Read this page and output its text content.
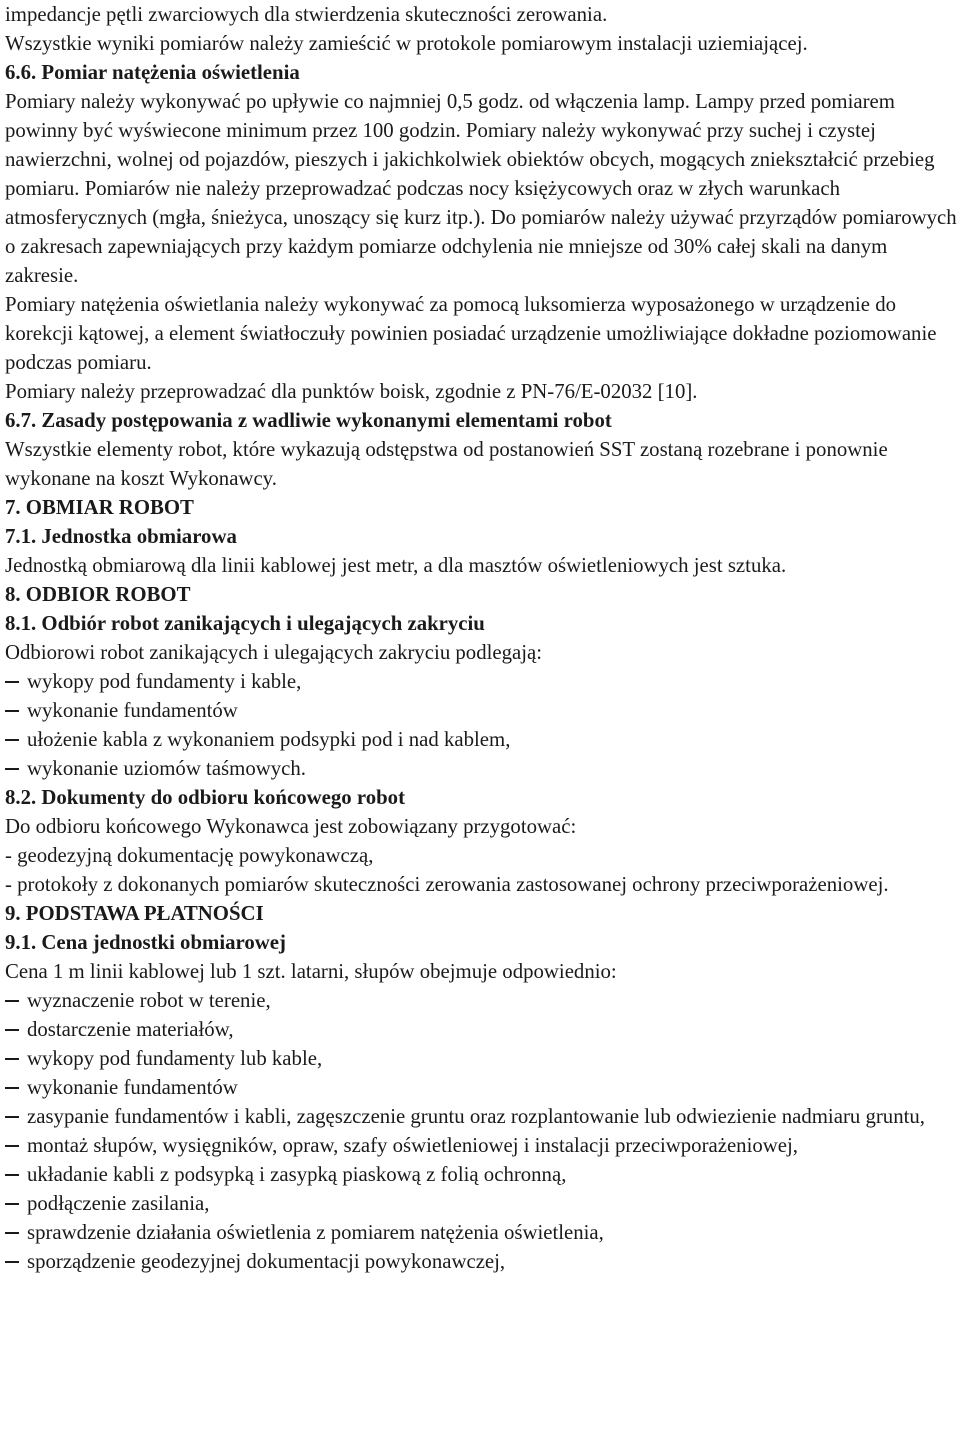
impedancje pętli zwarciowych dla stwierdzenia skuteczności zerowania.

Wszystkie wyniki pomiarów należy zamieścić w protokole pomiarowym instalacji uziemiającej.

6.6. Pomiar natężenia oświetlenia

Pomiary należy wykonywać po upływie co najmniej 0,5 godz. od włączenia lamp. Lampy przed pomiarem powinny być wyświecone minimum przez 100 godzin. Pomiary należy wykonywać przy suchej i czystej nawierzchni, wolnej od pojazdów, pieszych i jakichkolwiek obiektów obcych, mogących zniekształcić przebieg pomiaru. Pomiarów nie należy przeprowadzać podczas nocy księżycowych oraz w złych warunkach atmosferycznych (mgła, śnieżyca, unoszący się kurz itp.). Do pomiarów należy używać przyrządów pomiarowych o zakresach zapewniających przy każdym pomiarze odchylenia nie mniejsze od 30% całej skali na danym zakresie.

Pomiary natężenia oświetlania należy wykonywać za pomocą luksomierza wyposażonego w urządzenie do korekcji kątowej, a element światłoczuły powinien posiadać urządzenie umożliwiające dokładne poziomowanie podczas pomiaru.

Pomiary należy przeprowadzać dla punktów boisk, zgodnie z PN-76/E-02032 [10].

6.7. Zasady postępowania z wadliwie wykonanymi elementami robot

Wszystkie elementy robot, które wykazują odstępstwa od postanowień SST zostaną rozebrane i ponownie wykonane na koszt Wykonawcy.

7. OBMIAR ROBOT

7.1. Jednostka obmiarowa

Jednostką obmiarową dla linii kablowej jest metr, a dla masztów oświetleniowych jest sztuka.

8. ODBIOR ROBOT

8.1. Odbiór robot zanikających i ulegających zakryciu

Odbiorowi robot zanikających i ulegających zakryciu podlegają:

wykopy pod fundamenty i kable,

wykonanie fundamentów

ułożenie kabla z wykonaniem podsypki pod i nad kablem,

wykonanie uziomów taśmowych.

8.2. Dokumenty do odbioru końcowego robot

Do odbioru końcowego Wykonawca jest zobowiązany przygotować:

- geodezyjną dokumentację powykonawczą,

- protokoły z dokonanych pomiarów skuteczności zerowania zastosowanej ochrony przeciwporażeniowej.

9. PODSTAWA PŁATNOŚCI

9.1. Cena jednostki obmiarowej

Cena 1 m linii kablowej lub 1 szt. latarni, słupów obejmuje odpowiednio:

wyznaczenie robot w terenie,

dostarczenie materiałów,

wykopy pod fundamenty lub kable,

wykonanie fundamentów

zasypanie fundamentów i kabli, zagęszczenie gruntu oraz rozplantowanie lub odwiezienie nadmiaru gruntu,

montaż słupów, wysięgników, opraw, szafy oświetleniowej i instalacji przeciwporażeniowej,

układanie kabli z podsypką i zasypką piaskową z folią ochronną,

podłączenie zasilania,

sprawdzenie działania oświetlenia z pomiarem natężenia oświetlenia,

sporządzenie geodezyjnej dokumentacji powykonawczej,
